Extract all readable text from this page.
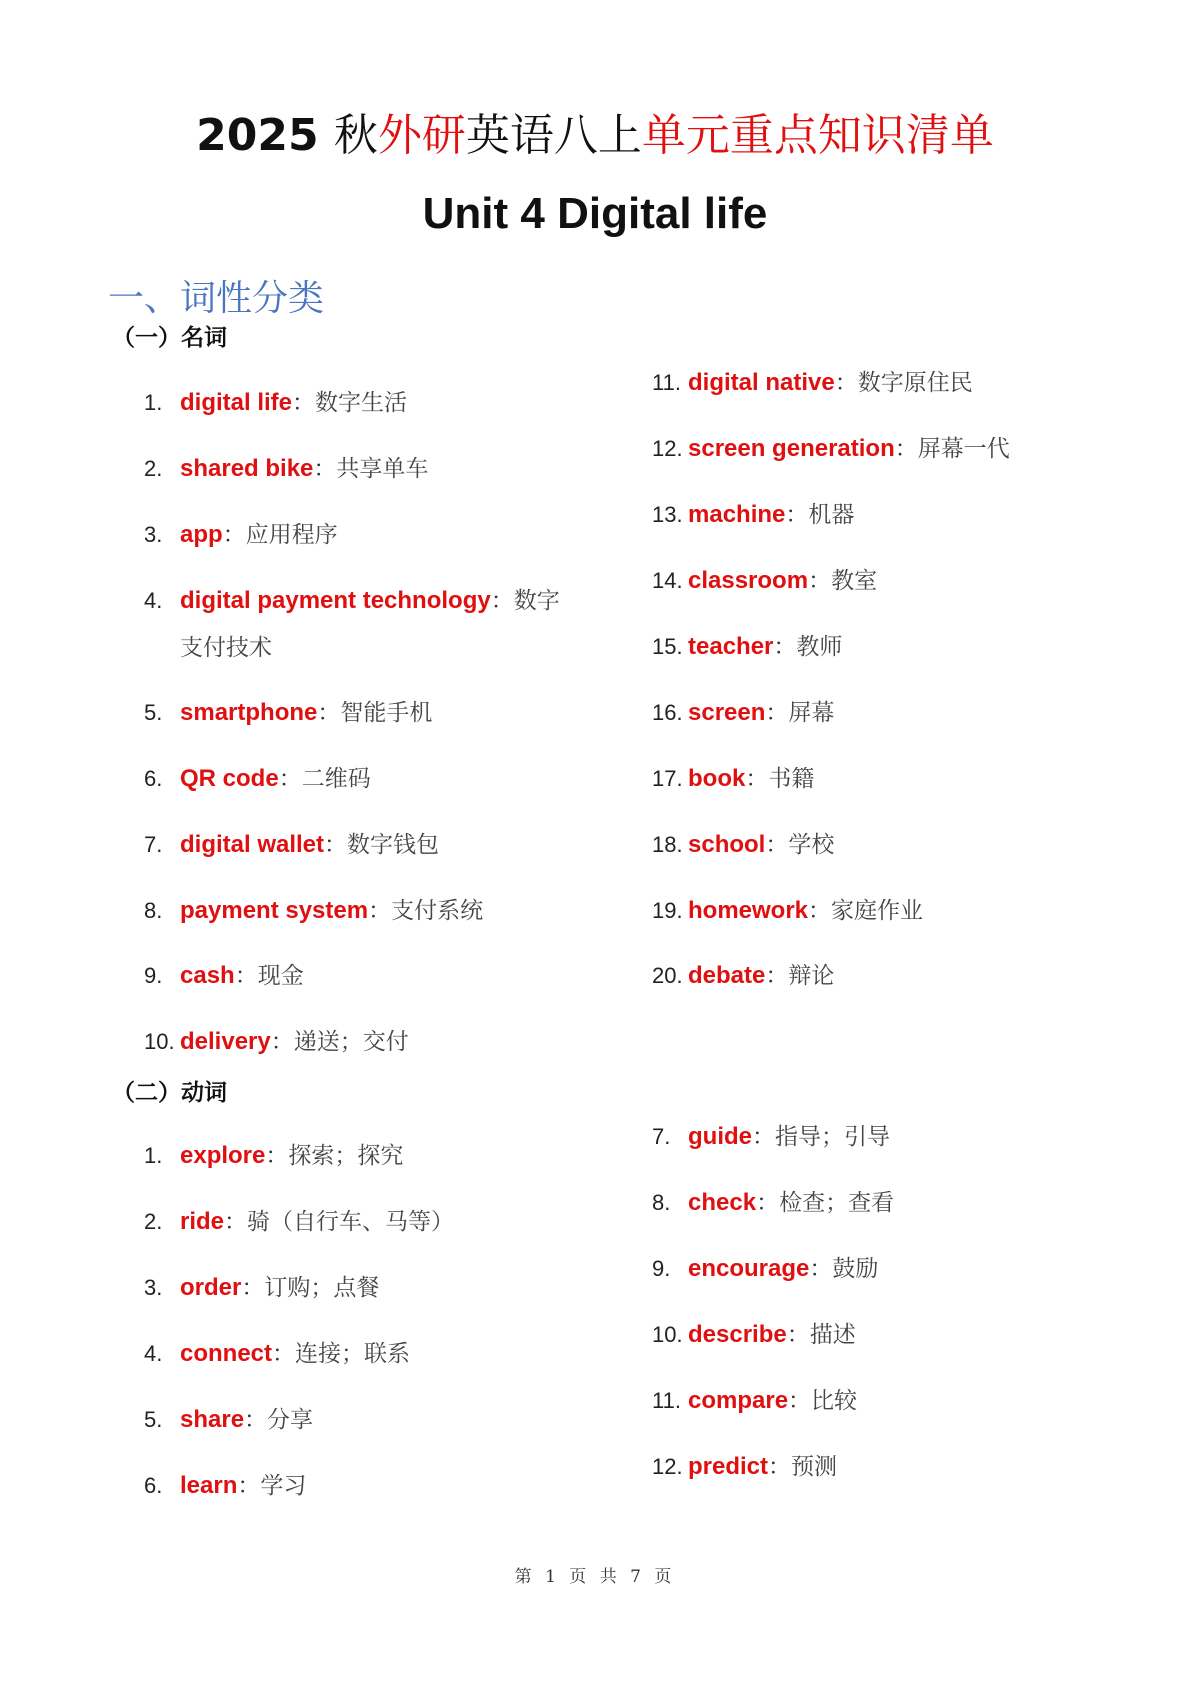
2025 秋外研英语八上单元重点知识清单
Unit 4 Digital life
一、词性分类
（一）名词
（二）动词
1. digital life：数字生活
2. shared bike：共享单车
3. app：应用程序
4. digital payment technology：数字
支付技术
5. smartphone：智能手机
6. QR code：二维码
7. digital wallet：数字钱包
8. payment system：支付系统
9. cash：现金
10. delivery：递送；交付
11. digital native：数字原住民
12. screen generation：屏幕一代
13. machine：机器
14. classroom：教室
15. teacher：教师
16. screen：屏幕
17. book：书籍
18. school：学校
19. homework：家庭作业
20. debate：辩论
1. explore：探索；探究
2. ride：骑（自行车、马等）
3. order：订购；点餐
4. connect：连接；联系
5. share：分享
6. learn：学习
7. guide：指导；引导
8. check：检查；查看
9. encourage：鼓励
10. describe：描述
11. compare：比较
12. predict：预测
第 1 页 共 7 页
